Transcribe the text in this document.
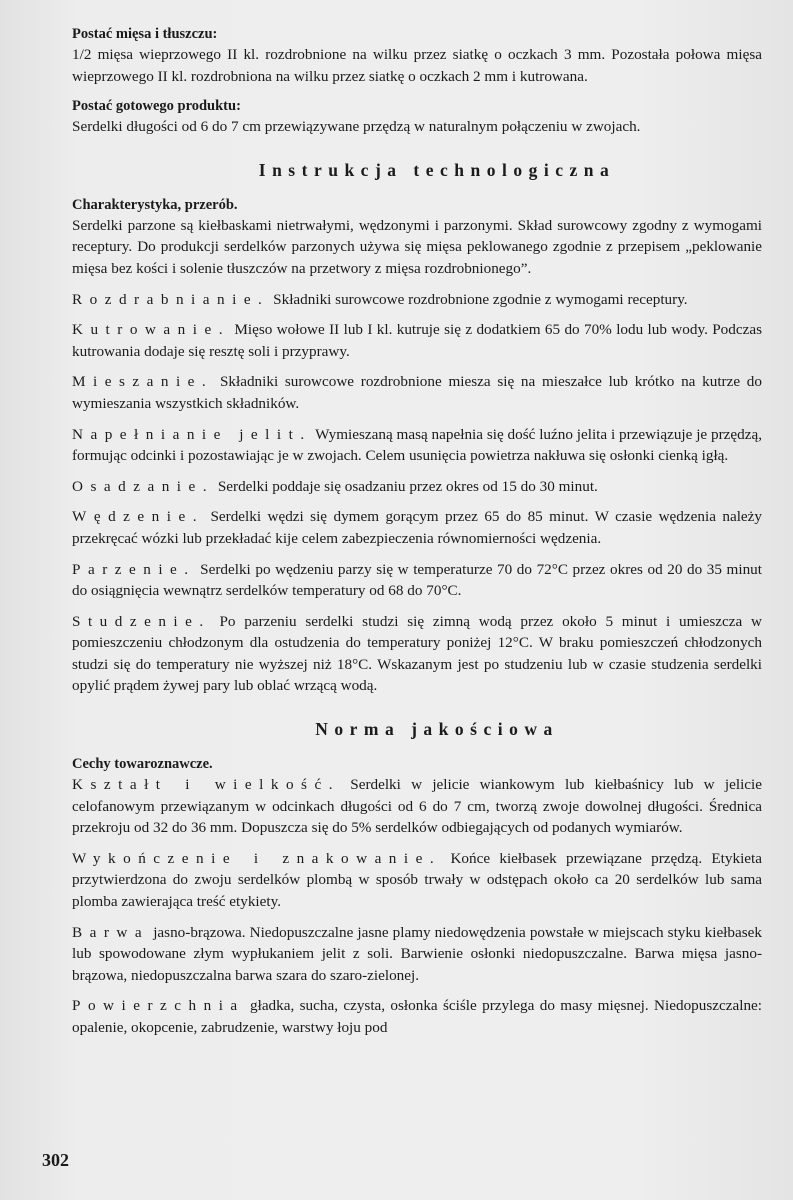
Postać mięsa i tłuszczu:

1/2 mięsa wieprzowego II kl. rozdrobnione na wilku przez siatkę o oczkach 3 mm. Pozostała połowa mięsa wieprzowego II kl. rozdrobniona na wilku przez siatkę o oczkach 2 mm i kutrowana.

Postać gotowego produktu:

Serdelki długości od 6 do 7 cm przewiązywane przędzą w naturalnym połączeniu w zwojach.

Instrukcja technologiczna
Charakterystyka, przerób.

Serdelki parzone są kiełbaskami nietrwałymi, wędzonymi i parzonymi. Skład surowcowy zgodny z wymogami receptury. Do produkcji serdelków parzonych używa się mięsa peklowanego zgodnie z przepisem „peklowanie mięsa bez kości i solenie tłuszczów na przetwory z mięsa rozdrobnionego”.

Rozdrabnianie. Składniki surowcowe rozdrobnione zgodnie z wymogami receptury.

Kutrowanie. Mięso wołowe II lub I kl. kutruje się z dodatkiem 65 do 70% lodu lub wody. Podczas kutrowania dodaje się resztę soli i przyprawy.

Mieszanie. Składniki surowcowe rozdrobnione miesza się na mieszałce lub krótko na kutrze do wymieszania wszystkich składników.

Napełnianie jelit. Wymieszaną masą napełnia się dość luźno jelita i przewiązuje je przędzą, formując odcinki i pozostawiając je w zwojach. Celem usunięcia powietrza nakłuwa się osłonki cienką igłą.

Osadzanie. Serdelki poddaje się osadzaniu przez okres od 15 do 30 minut.

Wędzenie. Serdelki wędzi się dymem gorącym przez 65 do 85 minut. W czasie wędzenia należy przekręcać wózki lub przekładać kije celem zabezpieczenia równomierności wędzenia.

Parzenie. Serdelki po wędzeniu parzy się w temperaturze 70 do 72°C przez okres od 20 do 35 minut do osiągnięcia wewnątrz serdelków temperatury od 68 do 70°C.

Studzenie. Po parzeniu serdelki studzi się zimną wodą przez około 5 minut i umieszcza w pomieszczeniu chłodzonym dla ostudzenia do temperatury poniżej 12°C. W braku pomieszczeń chłodzonych studzi się do temperatury nie wyższej niż 18°C. Wskazanym jest po studzeniu lub w czasie studzenia serdelki opylić prądem żywej pary lub oblać wrzącą wodą.

Norma jakościowa
Cechy towaroznawcze.

Kształt i wielkość. Serdelki w jelicie wiankowym lub kiełbaśnicy lub w jelicie celofanowym przewiązanym w odcinkach długości od 6 do 7 cm, tworzą zwoje dowolnej długości. Średnica przekroju od 32 do 36 mm. Dopuszcza się do 5% serdelków odbiegających od podanych wymiarów.

Wykończenie i znakowanie. Końce kiełbasek przewiązane przędzą. Etykieta przytwierdzona do zwoju serdelków plombą w sposób trwały w odstępach około ca 20 serdelków lub sama plomba zawierająca treść etykiety.

Barwa jasno-brązowa. Niedopuszczalne jasne plamy niedowędzenia powstałe w miejscach styku kiełbasek lub spowodowane złym wypłukaniem jelit z soli. Barwienie osłonki niedopuszczalne. Barwa mięsa jasno-brązowa, niedopuszczalna barwa szara do szaro-zielonej.

Powierzchnia gładka, sucha, czysta, osłonka ściśle przylega do masy mięsnej. Niedopuszczalne: opalenie, okopcenie, zabrudzenie, warstwy łoju pod

302
